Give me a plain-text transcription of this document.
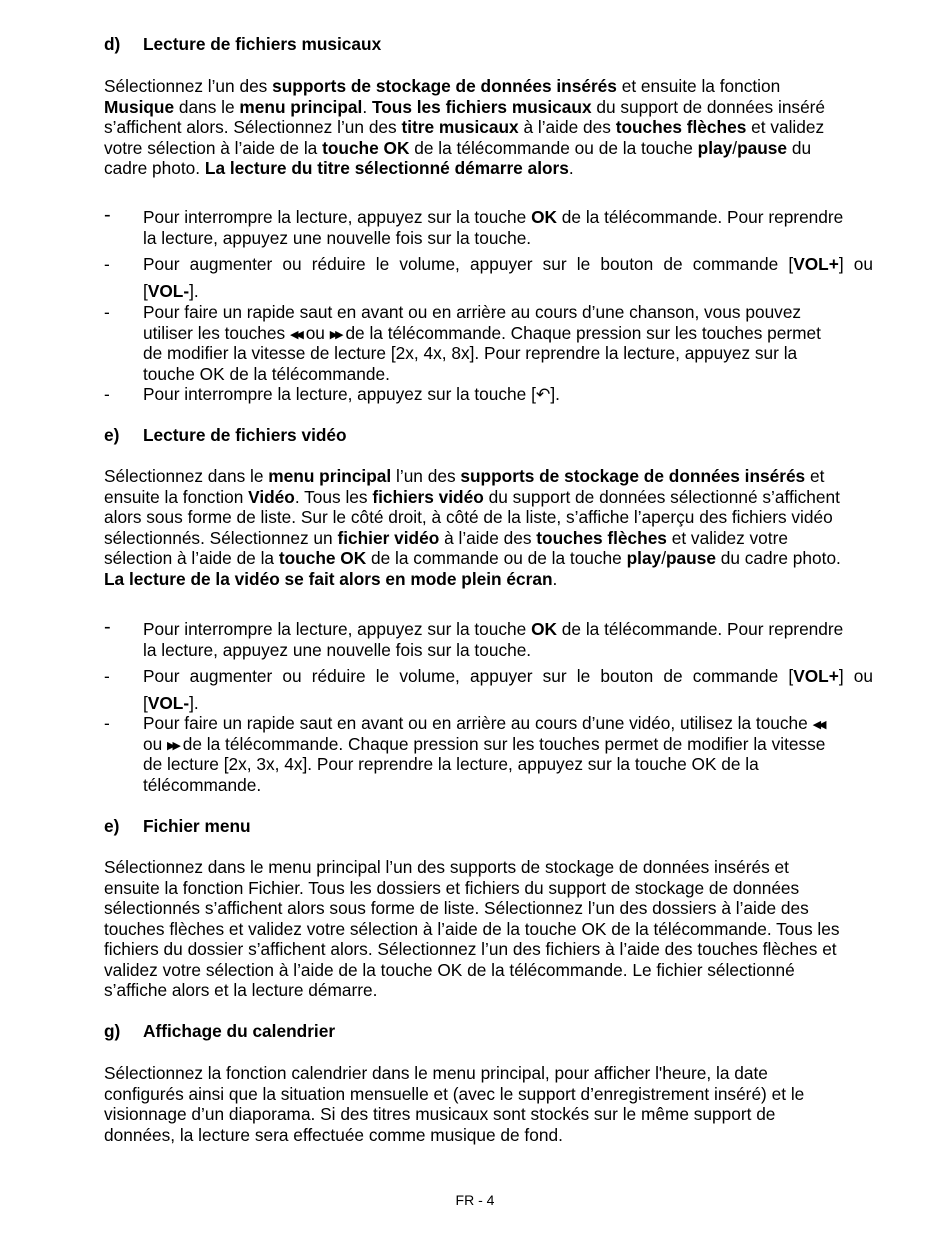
d) Lecture de fichiers musicaux
Sélectionnez l’un des supports de stockage de données insérés et ensuite la fonction
Musique dans le menu principal. Tous les fichiers musicaux du support de données inséré
s’affichent alors. Sélectionnez l’un des titre musicaux à l’aide des touches flèches et validez
votre sélection à l’aide de la touche OK de la télécommande ou de la touche play/pause du
cadre photo. La lecture du titre sélectionné démarre alors.
- Pour interrompre la lecture, appuyez sur la touche OK de la télécommande. Pour reprendre
la lecture, appuyez une nouvelle fois sur la touche.
- Pour augmenter ou réduire le volume, appuyer sur le bouton de commande [VOL+] ou
[VOL-].
- Pour faire un rapide saut en avant ou en arrière au cours d’une chanson, vous pouvez
utiliser les touches ◀◀ ou ▶▶ de la télécommande. Chaque pression sur les touches permet
de modifier la vitesse de lecture [2x, 4x, 8x]. Pour reprendre la lecture, appuyez sur la
touche OK de la télécommande.
- Pour interrompre la lecture, appuyez sur la touche [↶].
e) Lecture de fichiers vidéo
Sélectionnez dans le menu principal l’un des supports de stockage de données insérés et
ensuite la fonction Vidéo. Tous les fichiers vidéo du support de données sélectionné s’affichent
alors sous forme de liste. Sur le côté droit, à côté de la liste, s’affiche l’aperçu des fichiers vidéo
sélectionnés. Sélectionnez un fichier vidéo à l’aide des touches flèches et validez votre
sélection à l’aide de la touche OK de la commande ou de la touche play/pause du cadre photo.
La lecture de la vidéo se fait alors en mode plein écran.
- Pour interrompre la lecture, appuyez sur la touche OK de la télécommande. Pour reprendre
la lecture, appuyez une nouvelle fois sur la touche.
- Pour augmenter ou réduire le volume, appuyer sur le bouton de commande [VOL+] ou
[VOL-].
- Pour faire un rapide saut en avant ou en arrière au cours d’une vidéo, utilisez la touche ◀◀
ou ▶▶ de la télécommande. Chaque pression sur les touches permet de modifier la vitesse
de lecture [2x, 3x, 4x]. Pour reprendre la lecture, appuyez sur la touche OK de la
télécommande.
e) Fichier menu
Sélectionnez dans le menu principal l’un des supports de stockage de données insérés et
ensuite la fonction Fichier. Tous les dossiers et fichiers du support de stockage de données
sélectionnés s’affichent alors sous forme de liste. Sélectionnez l’un des dossiers à l’aide des
touches flèches et validez votre sélection à l’aide de la touche OK de la télécommande. Tous les
fichiers du dossier s’affichent alors. Sélectionnez l’un des fichiers à l’aide des touches flèches et
validez votre sélection à l’aide de la touche OK de la télécommande. Le fichier sélectionné
s’affiche alors et la lecture démarre.
g) Affichage du calendrier
Sélectionnez la fonction calendrier dans le menu principal, pour afficher l'heure, la date
configurés ainsi que la situation mensuelle et (avec le support d’enregistrement inséré) et le
visionnage d’un diaporama. Si des titres musicaux sont stockés sur le même support de
données, la lecture sera effectuée comme musique de fond.
FR - 4
